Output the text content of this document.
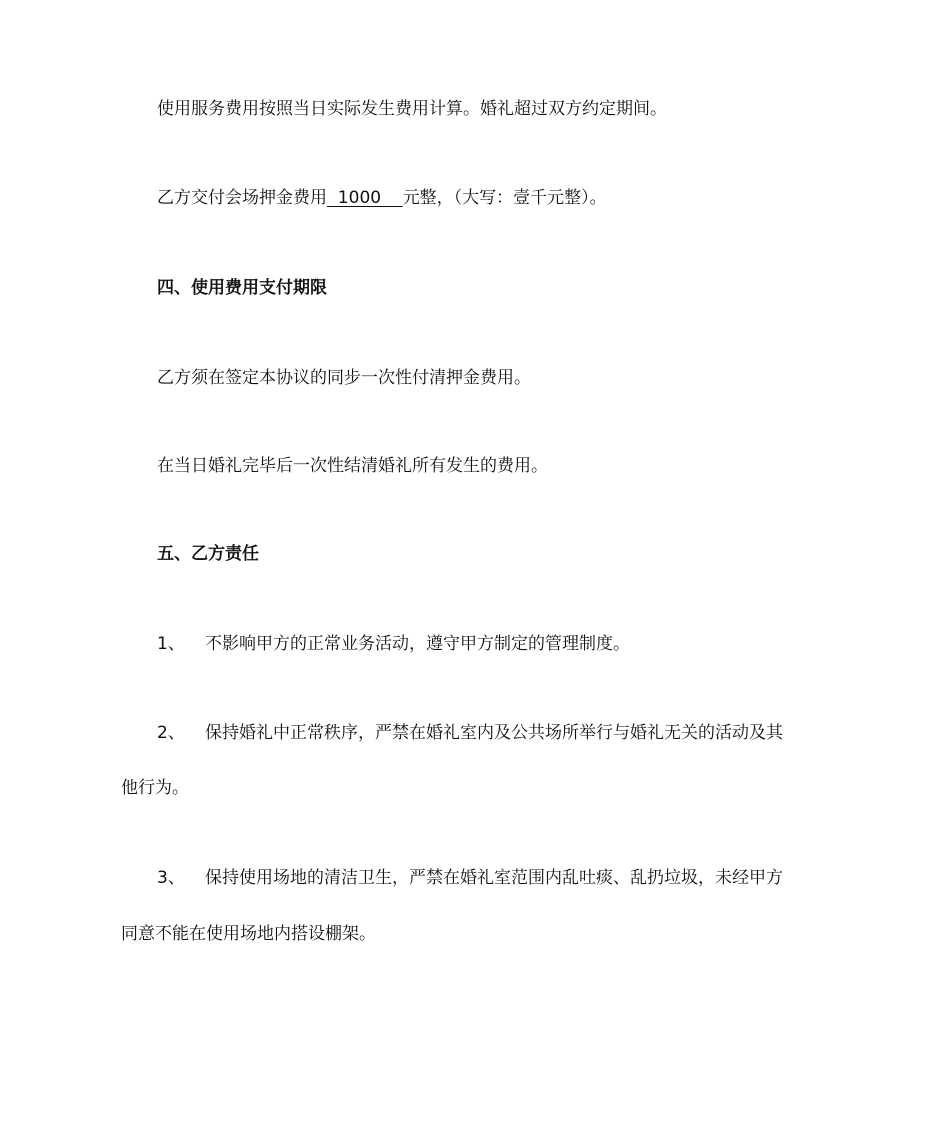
使用服务费用按照当日实际发生费用计算。婚礼超过双方约定期间。
乙方交付会场押金费用  1000    元整，（大写：壹千元整）。
四、使用费用支付期限
乙方须在签定本协议的同步一次性付清押金费用。
在当日婚礼完毕后一次性结清婚礼所有发生的费用。
五、乙方责任
1、 不影响甲方的正常业务活动，遵守甲方制定的管理制度。
2、 保持婚礼中正常秩序，严禁在婚礼室内及公共场所举行与婚礼无关的活动及其
他行为。
3、 保持使用场地的清洁卫生，严禁在婚礼室范围内乱吐痰、乱扔垃圾，未经甲方
同意不能在使用场地内搭设棚架。
